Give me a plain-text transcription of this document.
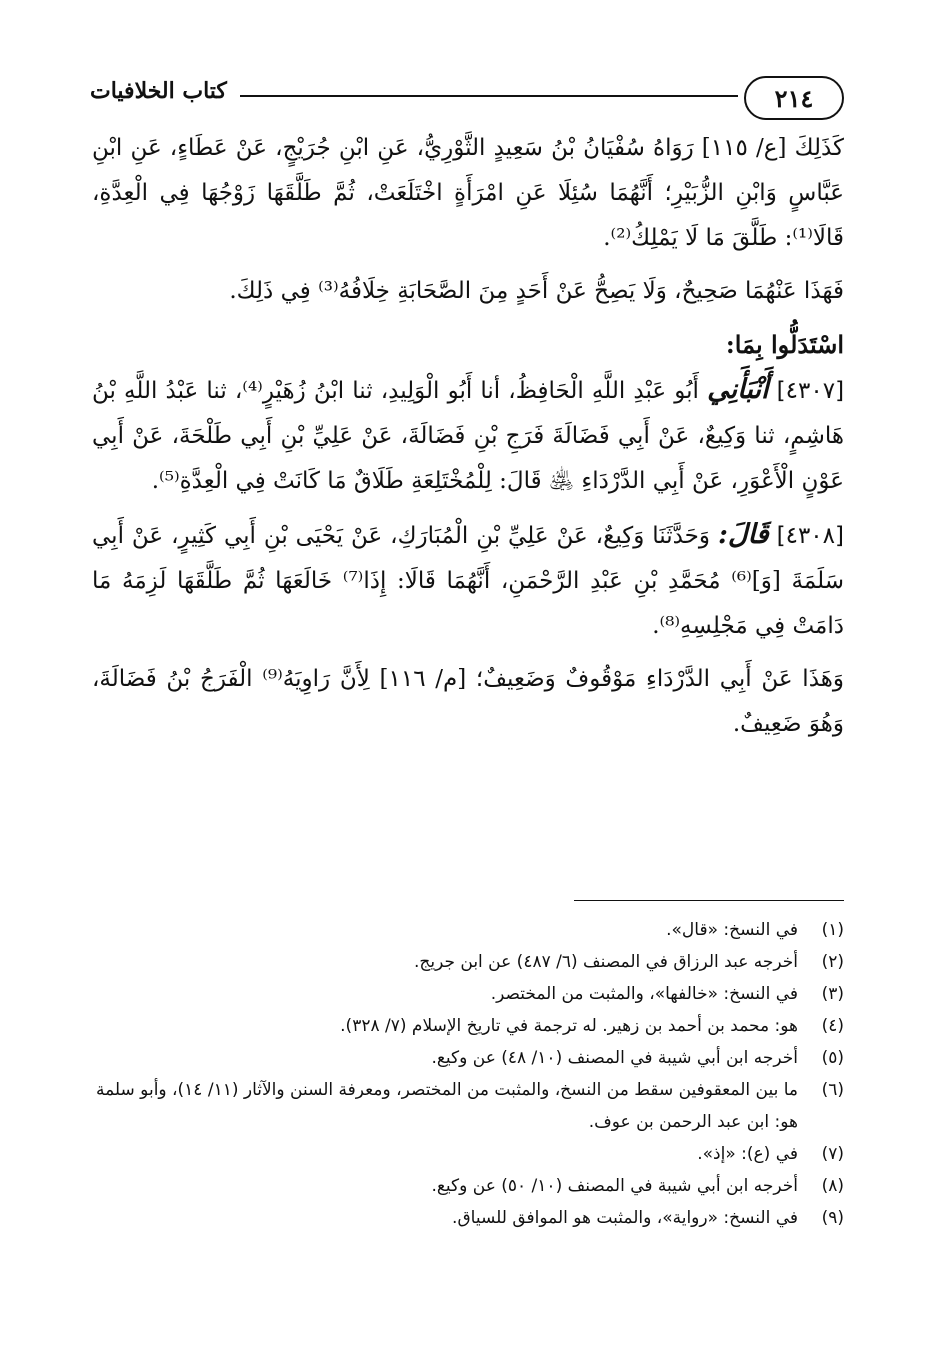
٢١٤
كتاب الخلافيات

كَذَلِكَ [ع/ ١١٥] رَوَاهُ سُفْيَانُ بْنُ سَعِيدٍ الثَّوْرِيُّ، عَنِ ابْنِ جُرَيْجٍ، عَنْ عَطَاءٍ، عَنِ ابْنِ عَبَّاسٍ وَابْنِ الزُّبَيْرِ؛ أَنَّهُمَا سُئِلَا عَنِ امْرَأَةٍ اخْتَلَعَتْ، ثُمَّ طَلَّقَهَا زَوْجُهَا فِي الْعِدَّةِ، قَالَا⁽¹⁾: طَلَّقَ مَا لَا يَمْلِكُ⁽²⁾.

فَهَذَا عَنْهُمَا صَحِيحٌ، وَلَا يَصِحُّ عَنْ أَحَدٍ مِنَ الصَّحَابَةِ خِلَافُهُ⁽³⁾ فِي ذَلِكَ.

اسْتَدَلُّوا بِمَا:

[٤٣٠٧] أَنْبَأَنِي أَبُو عَبْدِ اللَّهِ الْحَافِظُ، أنا أَبُو الْوَلِيدِ، ثنا ابْنُ زُهَيْرٍ⁽⁴⁾، ثنا عَبْدُ اللَّهِ بْنُ هَاشِمٍ، ثنا وَكِيعٌ، عَنْ أَبِي فَضَالَةَ فَرَجِ بْنِ فَضَالَةَ، عَنْ عَلِيِّ بْنِ أَبِي طَلْحَةَ، عَنْ أَبِي عَوْنٍ الْأَعْوَرِ، عَنْ أَبِي الدَّرْدَاءِ ﵁ قَالَ: لِلْمُخْتَلِعَةِ طَلَاقٌ مَا كَانَتْ فِي الْعِدَّةِ⁽⁵⁾.

[٤٣٠٨] قَالَ: وَحَدَّثَنَا وَكِيعٌ، عَنْ عَلِيِّ بْنِ الْمُبَارَكِ، عَنْ يَحْيَى بْنِ أَبِي كَثِيرٍ، عَنْ أَبِي سَلَمَةَ [وَ]⁽⁶⁾ مُحَمَّدِ بْنِ عَبْدِ الرَّحْمَنِ، أَنَّهُمَا قَالَا: إِذَا⁽⁷⁾ خَالَعَهَا ثُمَّ طَلَّقَهَا لَزِمَهُ مَا دَامَتْ فِي مَجْلِسِهِ⁽⁸⁾.

وَهَذَا عَنْ أَبِي الدَّرْدَاءِ مَوْقُوفٌ وَضَعِيفٌ؛ [م/ ١١٦] لِأَنَّ رَاوِيَهُ⁽⁹⁾ الْفَرَجُ بْنُ فَضَالَةَ، وَهُوَ ضَعِيفٌ.

(١)
في النسخ: «قال».
(٢)
أخرجه عبد الرزاق في المصنف (٦/ ٤٨٧) عن ابن جريج.
(٣)
في النسخ: «خالفها»، والمثبت من المختصر.
(٤)
هو: محمد بن أحمد بن زهير. له ترجمة في تاريخ الإسلام (٧/ ٣٢٨).
(٥)
أخرجه ابن أبي شيبة في المصنف (١٠/ ٤٨) عن وكيع.
(٦)
ما بين المعقوفين سقط من النسخ، والمثبت من المختصر، ومعرفة السنن والآثار (١١/ ١٤)، وأبو سلمة هو: ابن عبد الرحمن بن عوف.
(٧)
في (ع): «إذ».
(٨)
أخرجه ابن أبي شيبة في المصنف (١٠/ ٥٠) عن وكيع.
(٩)
في النسخ: «رواية»، والمثبت هو الموافق للسياق.
